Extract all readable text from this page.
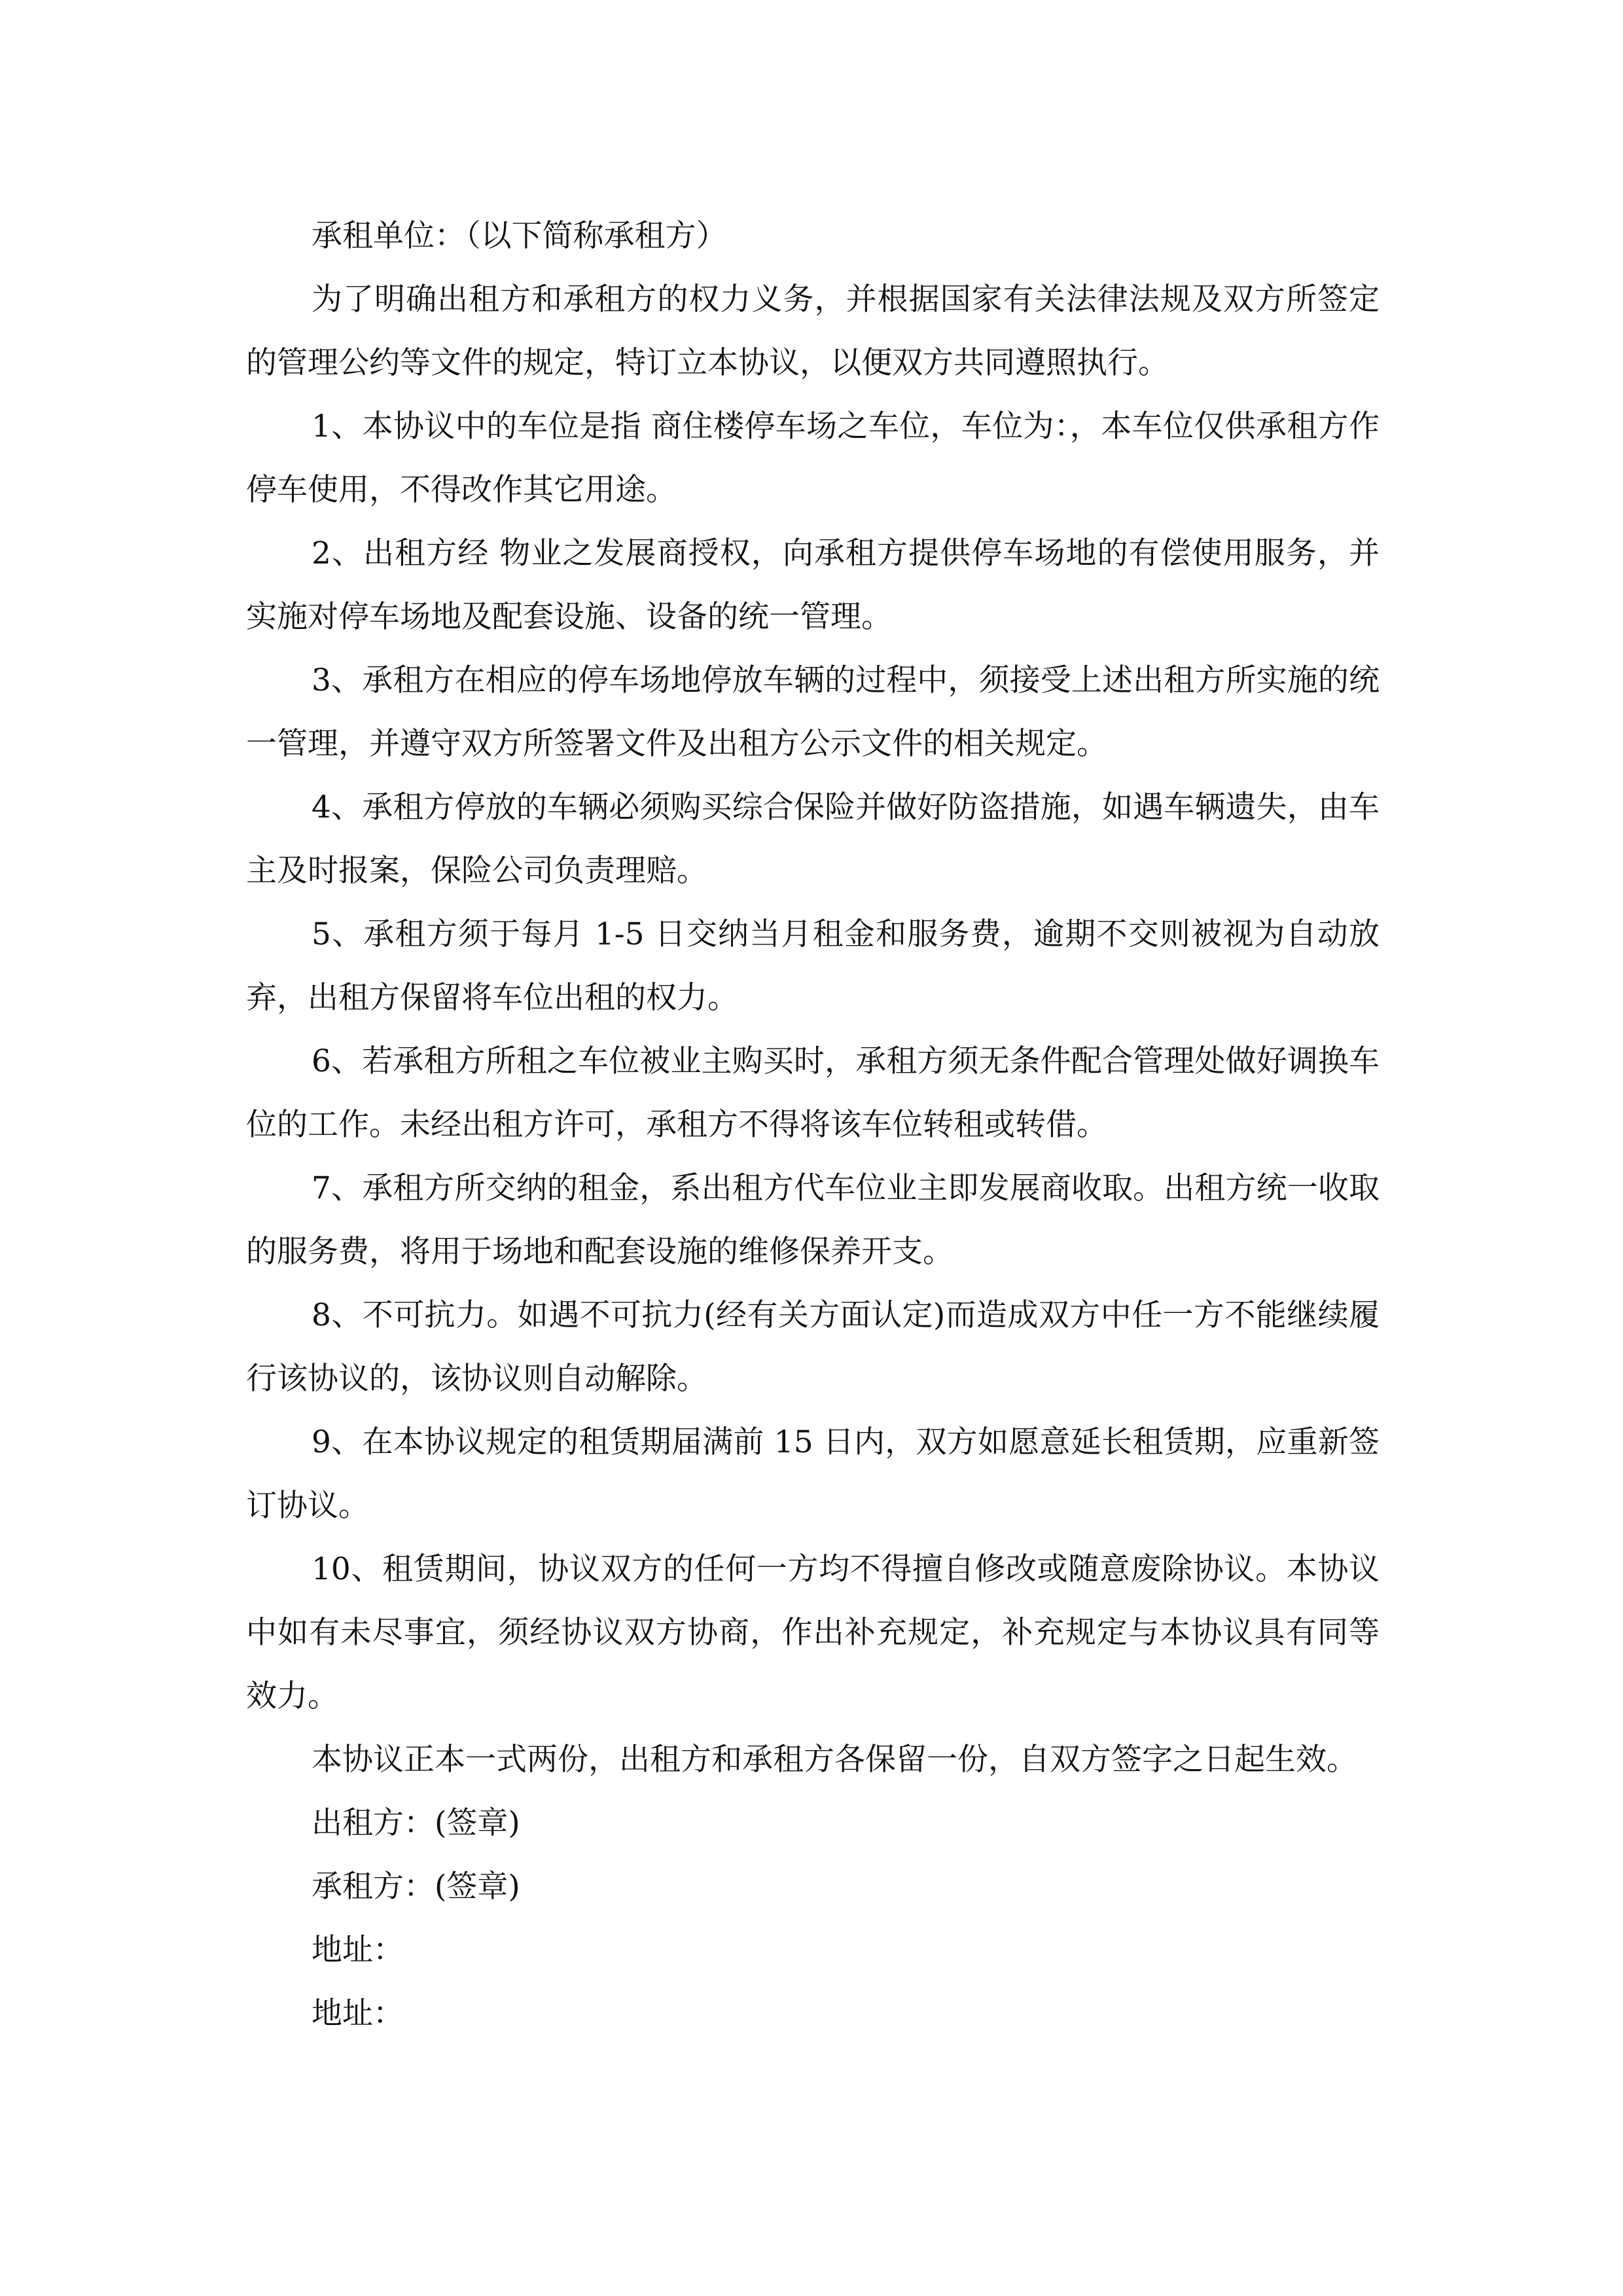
承租单位：（以下简称承租方）

为了明确出租方和承租方的权力义务，并根据国家有关法律法规及双方所签定的管理公约等文件的规定，特订立本协议，以便双方共同遵照执行。

1、本协议中的车位是指 商住楼停车场之车位，车位为：，本车位仅供承租方作停车使用，不得改作其它用途。

2、出租方经 物业之发展商授权，向承租方提供停车场地的有偿使用服务，并实施对停车场地及配套设施、设备的统一管理。

3、承租方在相应的停车场地停放车辆的过程中，须接受上述出租方所实施的统一管理，并遵守双方所签署文件及出租方公示文件的相关规定。

4、承租方停放的车辆必须购买综合保险并做好防盗措施，如遇车辆遗失，由车主及时报案，保险公司负责理赔。

5、承租方须于每月 1-5 日交纳当月租金和服务费，逾期不交则被视为自动放弃，出租方保留将车位出租的权力。

6、若承租方所租之车位被业主购买时，承租方须无条件配合管理处做好调换车位的工作。未经出租方许可，承租方不得将该车位转租或转借。

7、承租方所交纳的租金，系出租方代车位业主即发展商收取。出租方统一收取的服务费，将用于场地和配套设施的维修保养开支。

8、不可抗力。如遇不可抗力(经有关方面认定)而造成双方中任一方不能继续履行该协议的，该协议则自动解除。

9、在本协议规定的租赁期届满前 15 日内，双方如愿意延长租赁期，应重新签订协议。

10、租赁期间，协议双方的任何一方均不得擅自修改或随意废除协议。本协议中如有未尽事宜，须经协议双方协商，作出补充规定，补充规定与本协议具有同等效力。

本协议正本一式两份，出租方和承租方各保留一份，自双方签字之日起生效。

出租方：(签章)

承租方：(签章)

地址：

地址：
